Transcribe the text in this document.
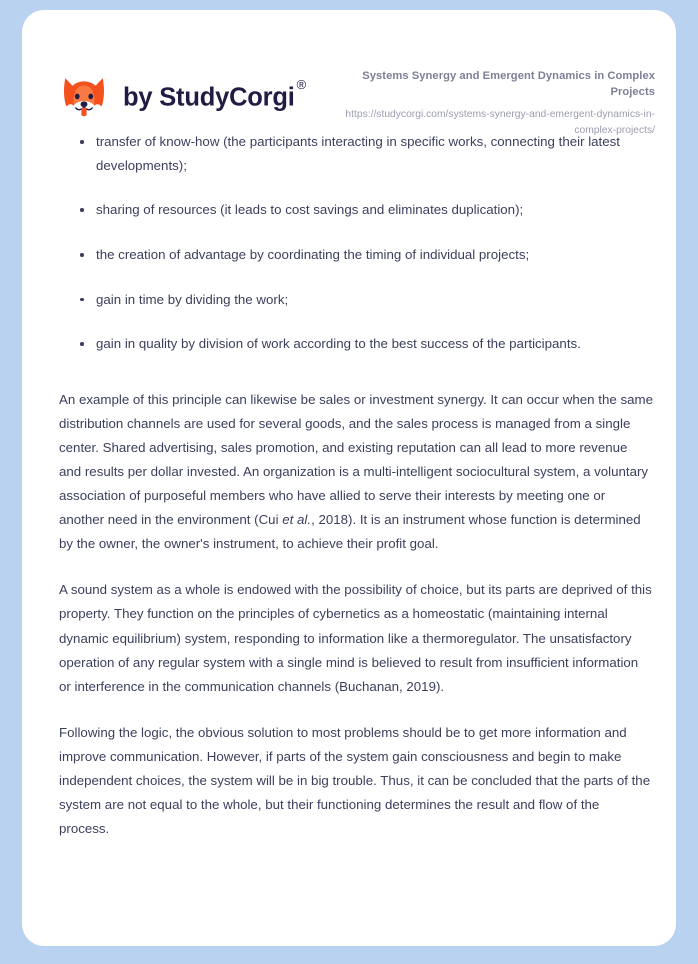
by StudyCorgi ®
Systems Synergy and Emergent Dynamics in Complex Projects
https://studycorgi.com/systems-synergy-and-emergent-dynamics-in-complex-projects/
transfer of know-how (the participants interacting in specific works, connecting their latest developments);
sharing of resources (it leads to cost savings and eliminates duplication);
the creation of advantage by coordinating the timing of individual projects;
gain in time by dividing the work;
gain in quality by division of work according to the best success of the participants.

An example of this principle can likewise be sales or investment synergy. It can occur when the same distribution channels are used for several goods, and the sales process is managed from a single center. Shared advertising, sales promotion, and existing reputation can all lead to more revenue and results per dollar invested. An organization is a multi-intelligent sociocultural system, a voluntary association of purposeful members who have allied to serve their interests by meeting one or another need in the environment (Cui et al., 2018). It is an instrument whose function is determined by the owner, the owner's instrument, to achieve their profit goal.

A sound system as a whole is endowed with the possibility of choice, but its parts are deprived of this property. They function on the principles of cybernetics as a homeostatic (maintaining internal dynamic equilibrium) system, responding to information like a thermoregulator. The unsatisfactory operation of any regular system with a single mind is believed to result from insufficient information or interference in the communication channels (Buchanan, 2019).

Following the logic, the obvious solution to most problems should be to get more information and improve communication. However, if parts of the system gain consciousness and begin to make independent choices, the system will be in big trouble. Thus, it can be concluded that the parts of the system are not equal to the whole, but their functioning determines the result and flow of the process.
